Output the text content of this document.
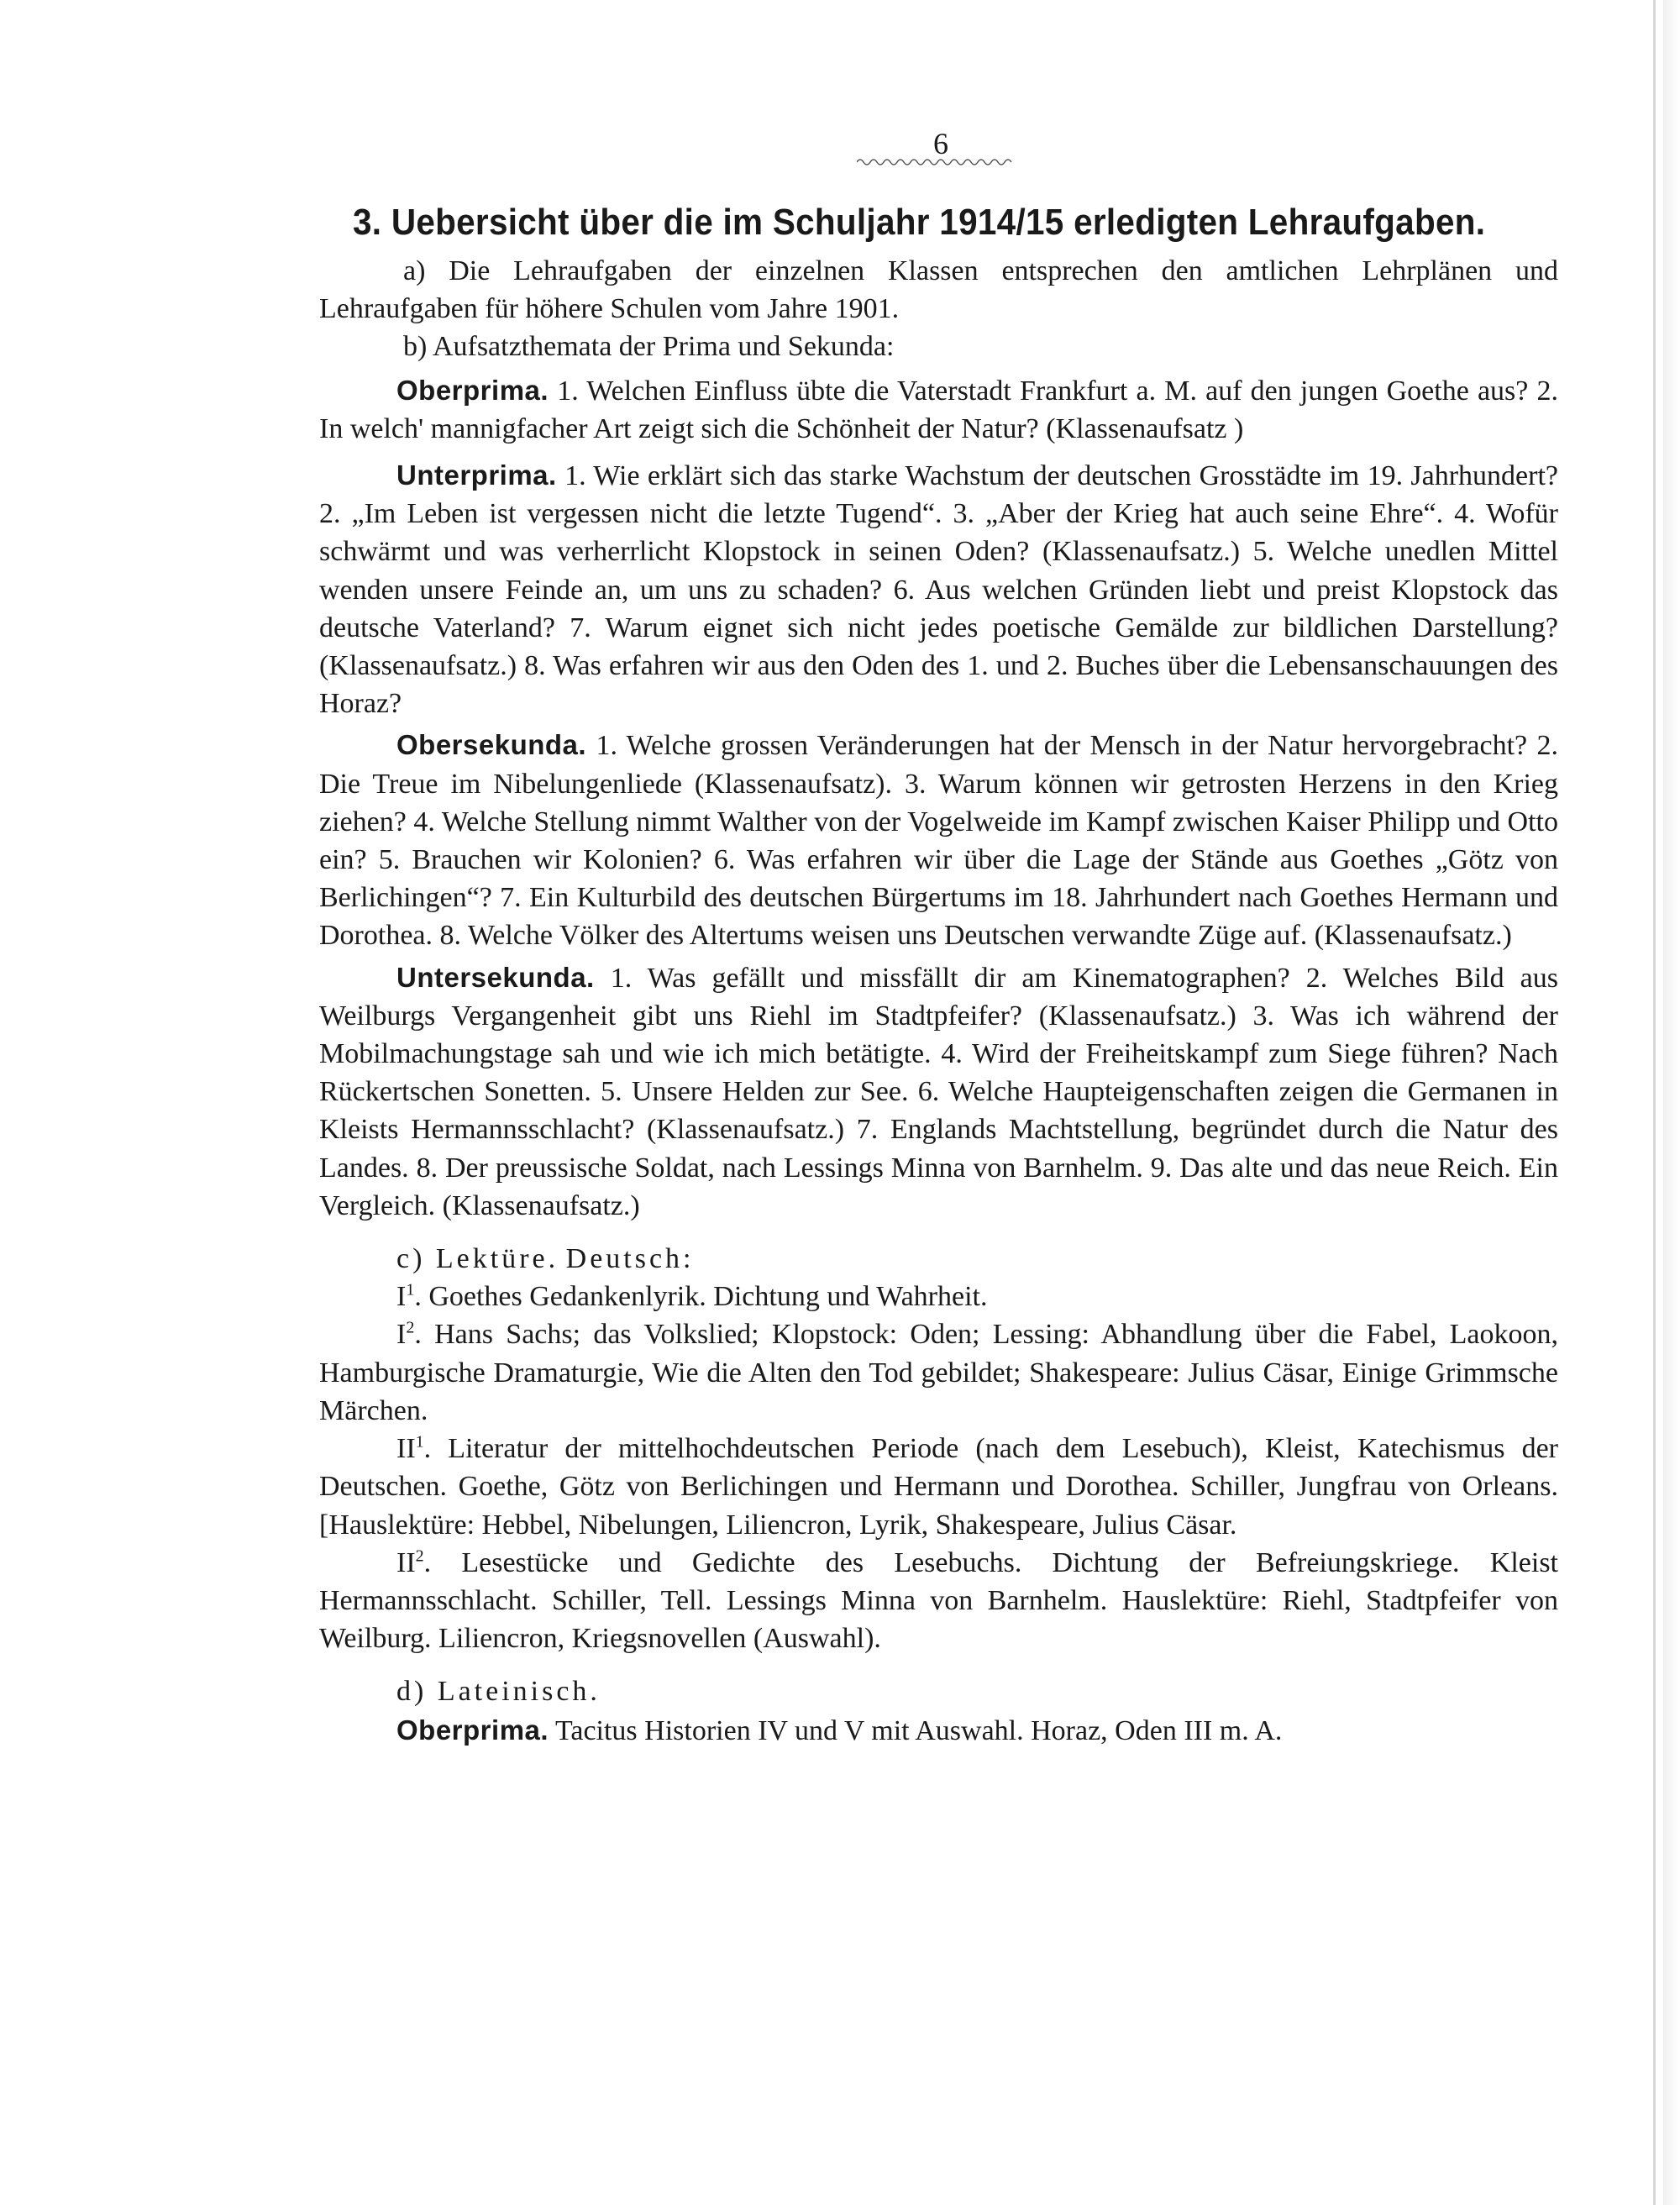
6
3. Uebersicht über die im Schuljahr 1914/15 erledigten Lehraufgaben.

a) Die Lehraufgaben der einzelnen Klassen entsprechen den amtlichen Lehrplänen und Lehraufgaben für höhere Schulen vom Jahre 1901.

b) Aufsatzthemata der Prima und Sekunda:

Oberprima. 1. Welchen Einfluss übte die Vaterstadt Frankfurt a. M. auf den jungen Goethe aus? 2. In welch' mannigfacher Art zeigt sich die Schönheit der Natur? (Klassenaufsatz )

Unterprima. 1. Wie erklärt sich das starke Wachstum der deutschen Grosstädte im 19. Jahrhundert? 2. „Im Leben ist vergessen nicht die letzte Tugend“. 3. „Aber der Krieg hat auch seine Ehre“. 4. Wofür schwärmt und was verherrlicht Klopstock in seinen Oden? (Klassenaufsatz.) 5. Welche unedlen Mittel wenden unsere Feinde an, um uns zu schaden? 6. Aus welchen Gründen liebt und preist Klopstock das deutsche Vaterland? 7. Warum eignet sich nicht jedes poetische Gemälde zur bildlichen Darstellung? (Klassenaufsatz.) 8. Was erfahren wir aus den Oden des 1. und 2. Buches über die Lebensanschauungen des Horaz?

Obersekunda. 1. Welche grossen Veränderungen hat der Mensch in der Natur hervorgebracht? 2. Die Treue im Nibelungenliede (Klassenaufsatz). 3. Warum können wir getrosten Herzens in den Krieg ziehen? 4. Welche Stellung nimmt Walther von der Vogelweide im Kampf zwischen Kaiser Philipp und Otto ein? 5. Brauchen wir Kolonien? 6. Was erfahren wir über die Lage der Stände aus Goethes „Götz von Berlichingen“? 7. Ein Kulturbild des deutschen Bürgertums im 18. Jahrhundert nach Goethes Hermann und Dorothea. 8. Welche Völker des Altertums weisen uns Deutschen verwandte Züge auf. (Klassenaufsatz.)

Untersekunda. 1. Was gefällt und missfällt dir am Kinematographen? 2. Welches Bild aus Weilburgs Vergangenheit gibt uns Riehl im Stadtpfeifer? (Klassenaufsatz.) 3. Was ich während der Mobilmachungstage sah und wie ich mich betätigte. 4. Wird der Freiheitskampf zum Siege führen? Nach Rückertschen Sonetten. 5. Unsere Helden zur See. 6. Welche Haupteigenschaften zeigen die Germanen in Kleists Hermannsschlacht? (Klassenaufsatz.) 7. Englands Machtstellung, begründet durch die Natur des Landes. 8. Der preussische Soldat, nach Lessings Minna von Barnhelm. 9. Das alte und das neue Reich. Ein Vergleich. (Klassenaufsatz.)

c) Lektüre. Deutsch:

$I^1$. Goethes Gedankenlyrik. Dichtung und Wahrheit.

$I^2$. Hans Sachs; das Volkslied; Klopstock: Oden; Lessing: Abhandlung über die Fabel, Laokoon, Hamburgische Dramaturgie, Wie die Alten den Tod gebildet; Shakespeare: Julius Cäsar, Einige Grimmsche Märchen.

$II^1$. Literatur der mittelhochdeutschen Periode (nach dem Lesebuch), Kleist, Katechismus der Deutschen. Goethe, Götz von Berlichingen und Hermann und Dorothea. Schiller, Jungfrau von Orleans. [Hauslektüre: Hebbel, Nibelungen, Liliencron, Lyrik, Shakespeare, Julius Cäsar.

$II^2$. Lesestücke und Gedichte des Lesebuchs. Dichtung der Befreiungskriege. Kleist Hermannsschlacht. Schiller, Tell. Lessings Minna von Barnhelm. Hauslektüre: Riehl, Stadtpfeifer von Weilburg. Liliencron, Kriegsnovellen (Auswahl).

d) Lateinisch.

Oberprima. Tacitus Historien IV und V mit Auswahl. Horaz, Oden III m. A.
